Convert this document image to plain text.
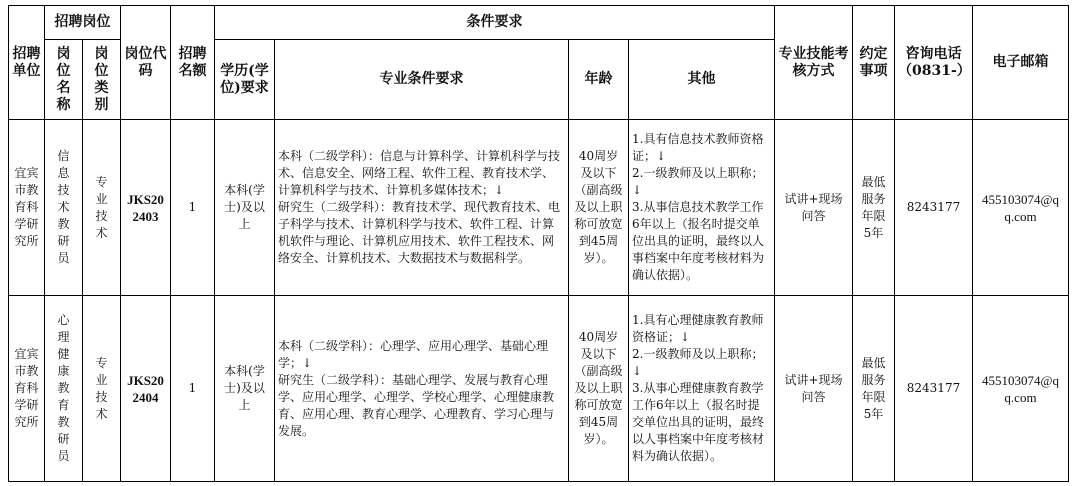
招聘单位	招聘岗位		岗位代码	招聘名额	条件要求				专业技能考核方式	约定事项	咨询电话（0831-）	电子邮箱

	岗位名称	岗位类别			学历(学位)要求	专业条件要求	年龄	其他				

宜宾市教育科学研究所	信息技术教研员	专业技术	JKS202403	1	本科(学士)及以上	本科（二级学科）：信息与计算科学、计算机科学与技术、信息安全、网络工程、软件工程、教育技术学、计算机科学与技术、计算机多媒体技术；↓
研究生（二级学科）：教育技术学、现代教育技术、电子科学与技术、计算机科学与技术、软件工程、计算机软件与理论、计算机应用技术、软件工程技术、网络安全、计算机技术、大数据技术与数据科学。	40周岁及以下（副高级及以上职称可放宽到45周岁）。	1.具有信息技术教师资格证；↓
2.一级教师及以上职称；↓
3.从事信息技术教学工作6年以上（报名时提交单位出具的证明，最终以人事档案中年度考核材料为确认依据）。	试讲+现场问答	最低服务年限5年	8243177	455103074@qq.com

宜宾市教育科学研究所	心理健康教育教研员	专业技术	JKS202404	1	本科(学士)及以上	本科（二级学科）：心理学、应用心理学、基础心理学；↓
研究生（二级学科）：基础心理学、发展与教育心理学、应用心理学、心理学、学校心理学、心理健康教育、应用心理、教育心理学、心理教育、学习心理与发展。	40周岁及以下（副高级及以上职称可放宽到45周岁）。	1.具有心理健康教育教师资格证；↓
2.一级教师及以上职称；↓
3.从事心理健康教育教学工作6年以上（报名时提交单位出具的证明，最终以人事档案中年度考核材料为确认依据）。	试讲+现场问答	最低服务年限5年	8243177	455103074@qq.com
